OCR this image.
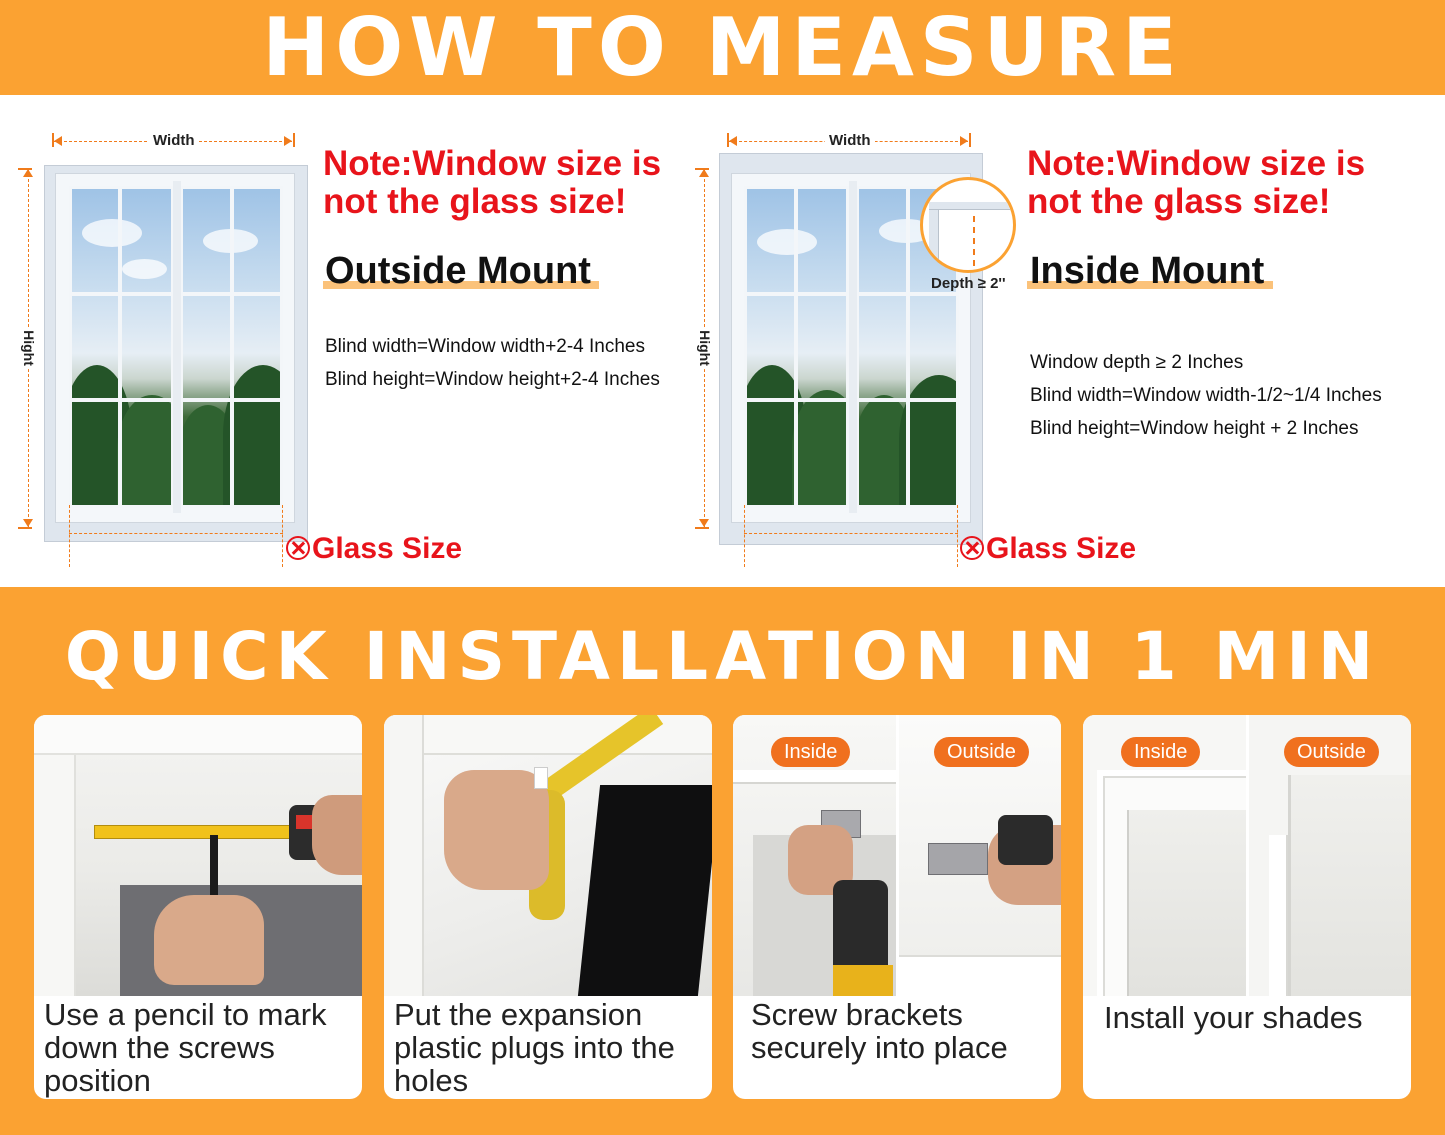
HOW TO MEASURE
Width
Hight
Note:Window size is not the glass size!
Outside Mount
Blind width=Window width+2-4 Inches
Blind height=Window height+2-4 Inches
Glass Size
Width
Hight
Depth ≥ 2''
Note:Window size is not the glass size!
Inside Mount
Window depth ≥ 2 Inches
Blind width=Window width-1/2~1/4 Inches
Blind height=Window height + 2 Inches
Glass Size
QUICK INSTALLATION IN 1 MIN
Use a pencil to mark down the screws position
Put the expansion plastic plugs into the holes
Inside	Outside
Screw brackets securely into place
Inside	Outside
Install your shades
